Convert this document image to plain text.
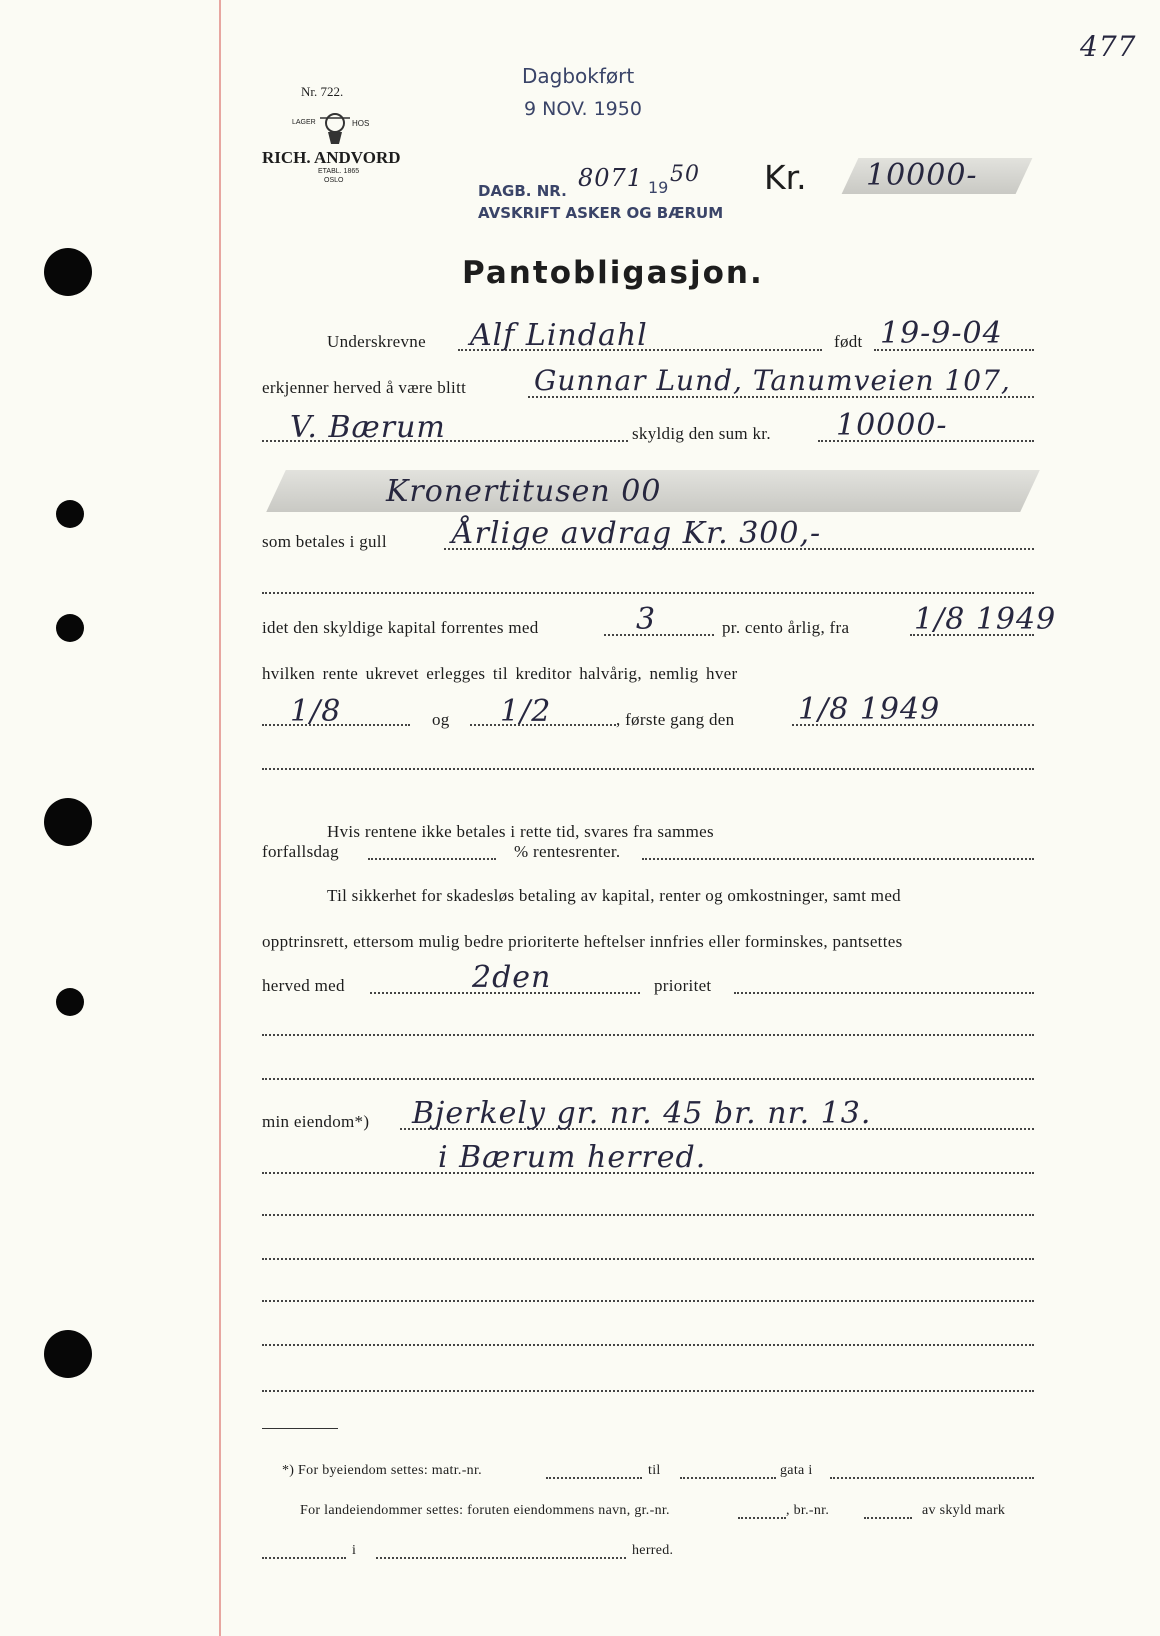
477
Nr. 722.
LAGER	HOS
RICH. ANDVORD
ETABL. 1865
OSLO
Dagbokført
9 NOV. 1950
DAGB. NR. 8071 19
50
AVSKRIFT ASKER OG BÆRUM
Kr. 10000-
Pantobligasjon.
Underskrevne Alf Lindahl	født 19-9-04
erkjenner herved å være blitt Gunnar Lund, Tanumveien 107,
V. Bærum	skyldig den sum kr. 10000-
Kronertitusen 00
som betales i gull Årlige avdrag Kr. 300,-
idet den skyldige kapital forrentes med	3	pr. cento årlig, fra 1/8 1949
hvilken rente ukrevet erlegges til kreditor halvårig, nemlig hver
1/8	og 1/2	, første gang den 1/8 1949
Hvis rentene ikke betales i rette tid, svares fra sammes
forfallsdag	% rentesrenter.
Til sikkerhet for skadesløs betaling av kapital, renter og omkostninger, samt med
opptrinsrett, ettersom mulig bedre prioriterte heftelser innfries eller forminskes, pantsettes
herved med	2den	prioritet
min eiendom*) Bjerkely gr. nr. 45 br. nr. 13.
i Bærum herred.
*) For byeiendom settes: matr.-nr.	til	gata i
For landeiendommer settes: foruten eiendommens navn, gr.-nr.	, br.-nr.	av skyld mark
i	herred.
